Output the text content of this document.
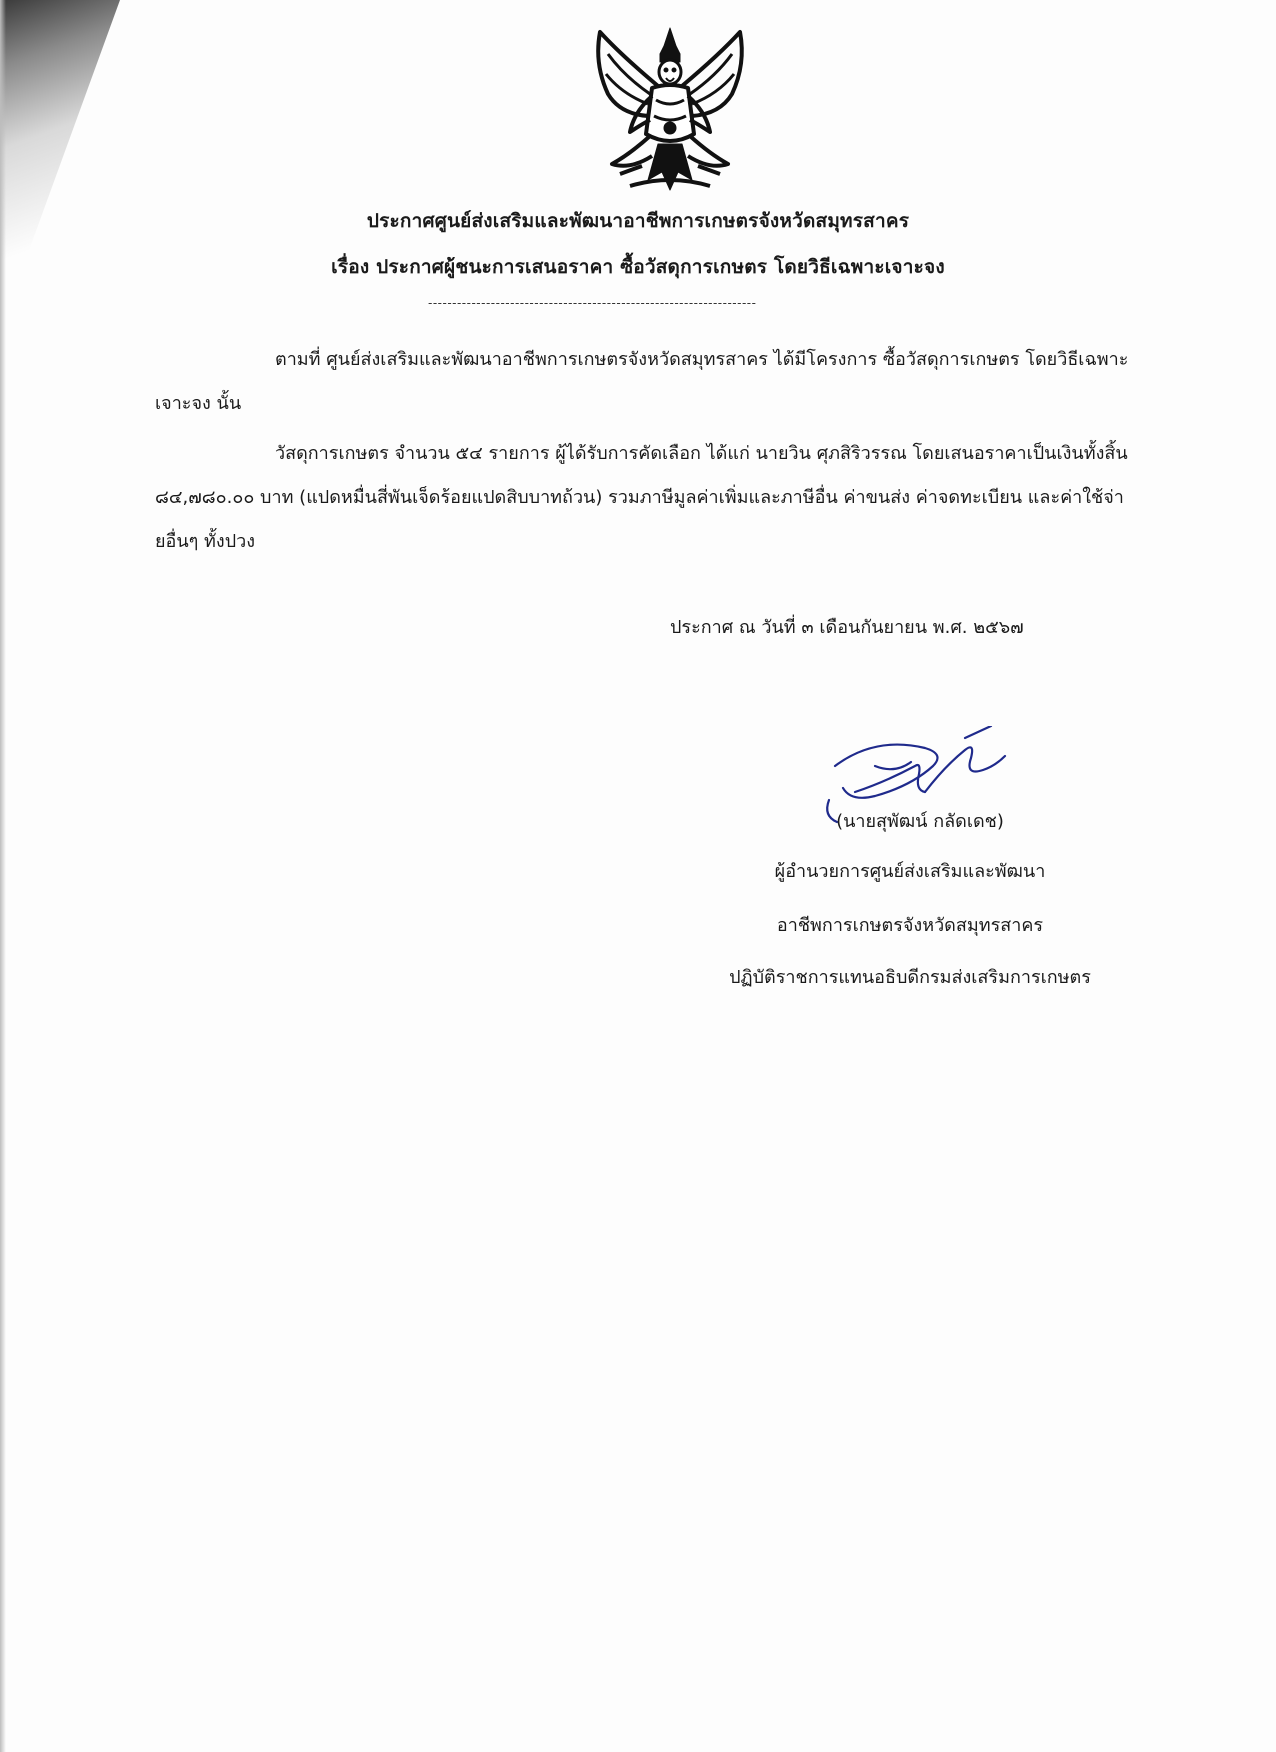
ประกาศศูนย์ส่งเสริมและพัฒนาอาชีพการเกษตรจังหวัดสมุทรสาคร
เรื่อง ประกาศผู้ชนะการเสนอราคา ซื้อวัสดุการเกษตร โดยวิธีเฉพาะเจาะจง
--------------------------------------------------------------------
ตามที่ ศูนย์ส่งเสริมและพัฒนาอาชีพการเกษตรจังหวัดสมุทรสาคร ได้มีโครงการ ซื้อวัสดุการเกษตร โดยวิธีเฉพาะเจาะจง นั้น
วัสดุการเกษตร จำนวน ๕๔ รายการ ผู้ได้รับการคัดเลือก ได้แก่ นายวิน ศุภสิริวรรณ โดยเสนอราคาเป็นเงินทั้งสิ้น ๘๔,๗๘๐.๐๐ บาท (แปดหมื่นสี่พันเจ็ดร้อยแปดสิบบาทถ้วน) รวมภาษีมูลค่าเพิ่มและภาษีอื่น ค่าขนส่ง ค่าจดทะเบียน และค่าใช้จ่ายอื่นๆ ทั้งปวง
ประกาศ ณ วันที่ ๓ เดือนกันยายน พ.ศ. ๒๕๖๗
(นายสุพัฒน์ กลัดเดช)
ผู้อำนวยการศูนย์ส่งเสริมและพัฒนา
อาชีพการเกษตรจังหวัดสมุทรสาคร
ปฏิบัติราชการแทนอธิบดีกรมส่งเสริมการเกษตร
